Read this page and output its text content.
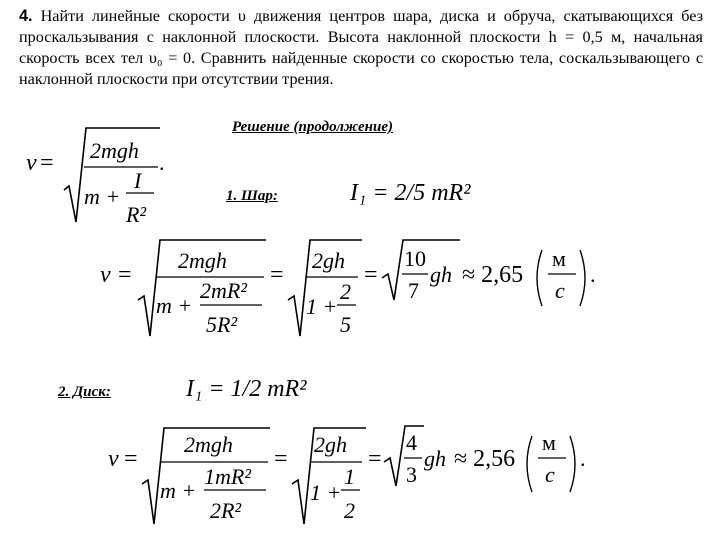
4. Найти линейные скорости υ движения центров шара, диска и обруча, скатывающихся без проскальзывания с наклонной плоскости. Высота наклонной плоскости h = 0,5 м, начальная скорость всех тел υ₀ = 0. Сравнить найденные скорости со скоростью тела, соскальзывающего с наклонной плоскости при отсутствии трения.
Решение (продолжение)
1. Шар:
2. Диск:
v = 2mgh
m +
I
R²
.
I₁ = 2/5 mR²
v =
2mgh
m +
2mR²
5R²
=
2gh
1 +
2
5
=
10
7
gh ≈ 2,65
м
с
.
I₁ = 1/2 mR²
v =
2mgh
m +
1mR²
2R²
=
2gh
1 +
1
2
=
4
3
gh ≈ 2,56
м
с
.
